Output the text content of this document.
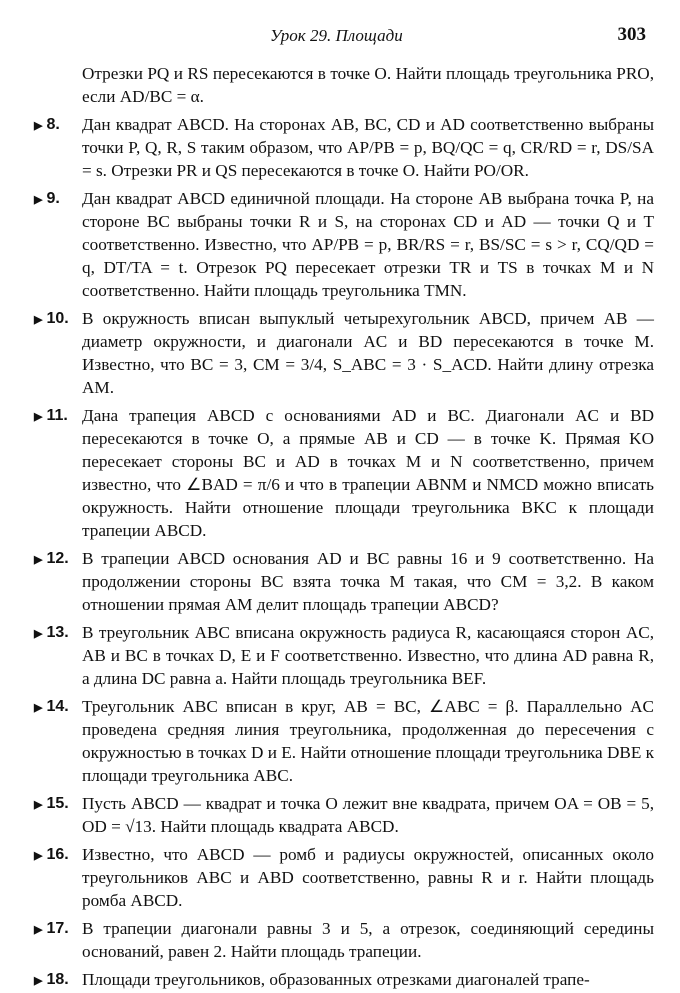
Урок 29. Площади	303
Отрезки PQ и RS пересекаются в точке O. Найти площадь треугольника PRO, если AD/BC = α.
▶ 8.	Дан квадрат ABCD. На сторонах AB, BC, CD и AD соответственно выбраны точки P, Q, R, S таким образом, что AP/PB = p, BQ/QC = q, CR/RD = r, DS/SA = s. Отрезки PR и QS пересекаются в точке O. Найти PO/OR.
▶ 9.	Дан квадрат ABCD единичной площади. На стороне AB выбрана точка P, на стороне BC выбраны точки R и S, на сторонах CD и AD — точки Q и T соответственно. Известно, что AP/PB = p, BR/RS = r, BS/SC = s > r, CQ/QD = q, DT/TA = t. Отрезок PQ пересекает отрезки TR и TS в точках M и N соответственно. Найти площадь треугольника TMN.
▶ 10. В окружность вписан выпуклый четырехугольник ABCD, причем AB — диаметр окружности, и диагонали AC и BD пересекаются в точке M. Известно, что BC = 3, CM = 3/4, S_ABC = 3 · S_ACD. Найти длину отрезка AM.
▶ 11. Дана трапеция ABCD с основаниями AD и BC. Диагонали AC и BD пересекаются в точке O, а прямые AB и CD — в точке K. Прямая KO пересекает стороны BC и AD в точках M и N соответственно, причем известно, что ∠BAD = π/6 и что в трапеции ABNM и NMCD можно вписать окружность. Найти отношение площади треугольника BKC к площади трапеции ABCD.
▶ 12. В трапеции ABCD основания AD и BC равны 16 и 9 соответственно. На продолжении стороны BC взята точка M такая, что CM = 3,2. В каком отношении прямая AM делит площадь трапеции ABCD?
▶ 13. В треугольник ABC вписана окружность радиуса R, касающаяся сторон AC, AB и BC в точках D, E и F соответственно. Известно, что длина AD равна R, а длина DC равна a. Найти площадь треугольника BEF.
▶ 14. Треугольник ABC вписан в круг, AB = BC, ∠ABC = β. Параллельно AC проведена средняя линия треугольника, продолженная до пересечения с окружностью в точках D и E. Найти отношение площади треугольника DBE к площади треугольника ABC.
▶ 15. Пусть ABCD — квадрат и точка O лежит вне квадрата, причем OA = OB = 5, OD = √13. Найти площадь квадрата ABCD.
▶ 16. Известно, что ABCD — ромб и радиусы окружностей, описанных около треугольников ABC и ABD соответственно, равны R и r. Найти площадь ромба ABCD.
▶ 17. В трапеции диагонали равны 3 и 5, а отрезок, соединяющий середины оснований, равен 2. Найти площадь трапеции.
▶ 18. Площади треугольников, образованных отрезками диагоналей трапе-
